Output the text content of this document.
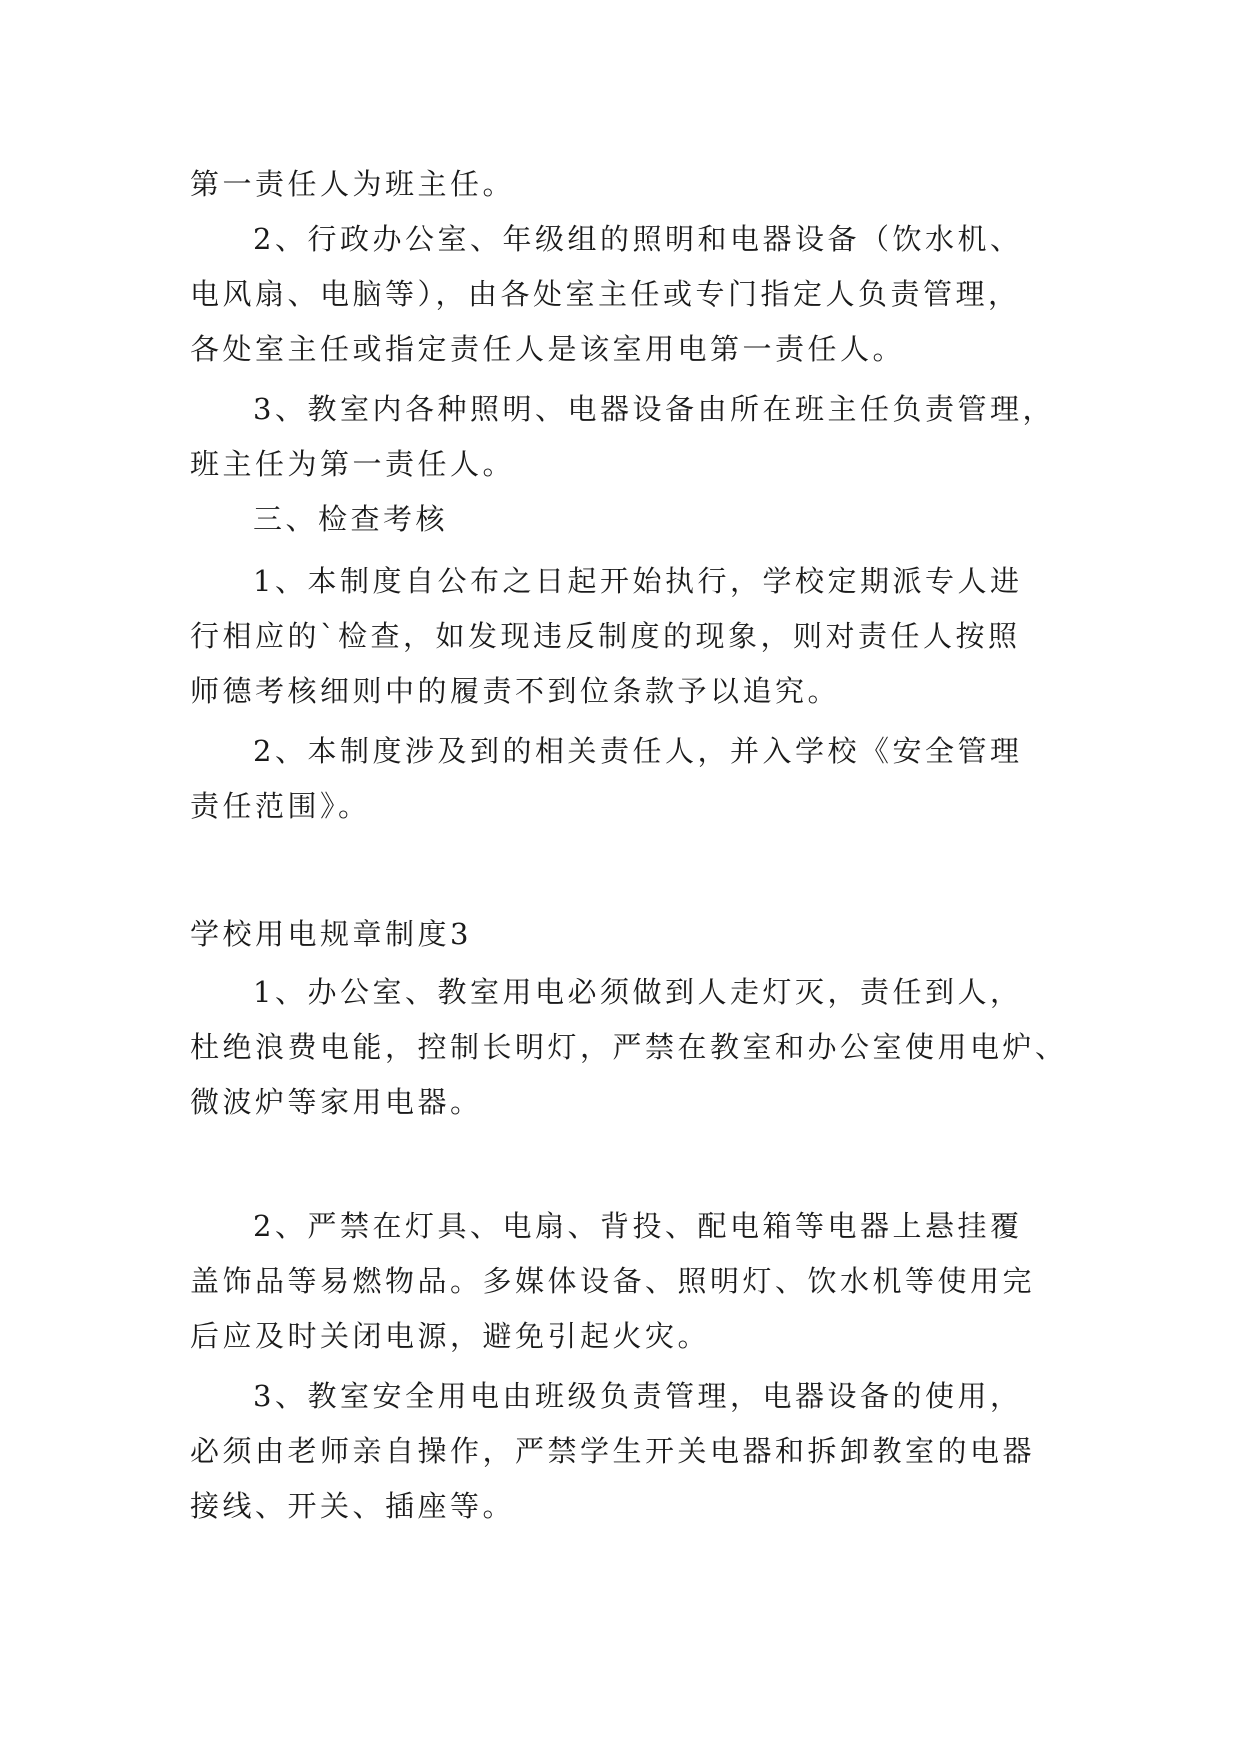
第一责任人为班主任。
2、行政办公室、年级组的照明和电器设备（饮水机、
电风扇、电脑等），由各处室主任或专门指定人负责管理，
各处室主任或指定责任人是该室用电第一责任人。
3、教室内各种照明、电器设备由所在班主任负责管理，
班主任为第一责任人。
三、检查考核
1、本制度自公布之日起开始执行，学校定期派专人进
行相应的`检查，如发现违反制度的现象，则对责任人按照
师德考核细则中的履责不到位条款予以追究。
2、本制度涉及到的相关责任人，并入学校《安全管理
责任范围》。
学校用电规章制度3
1、办公室、教室用电必须做到人走灯灭，责任到人，
杜绝浪费电能，控制长明灯，严禁在教室和办公室使用电炉、
微波炉等家用电器。
2、严禁在灯具、电扇、背投、配电箱等电器上悬挂覆
盖饰品等易燃物品。多媒体设备、照明灯、饮水机等使用完
后应及时关闭电源，避免引起火灾。
3、教室安全用电由班级负责管理，电器设备的使用，
必须由老师亲自操作，严禁学生开关电器和拆卸教室的电器
接线、开关、插座等。
